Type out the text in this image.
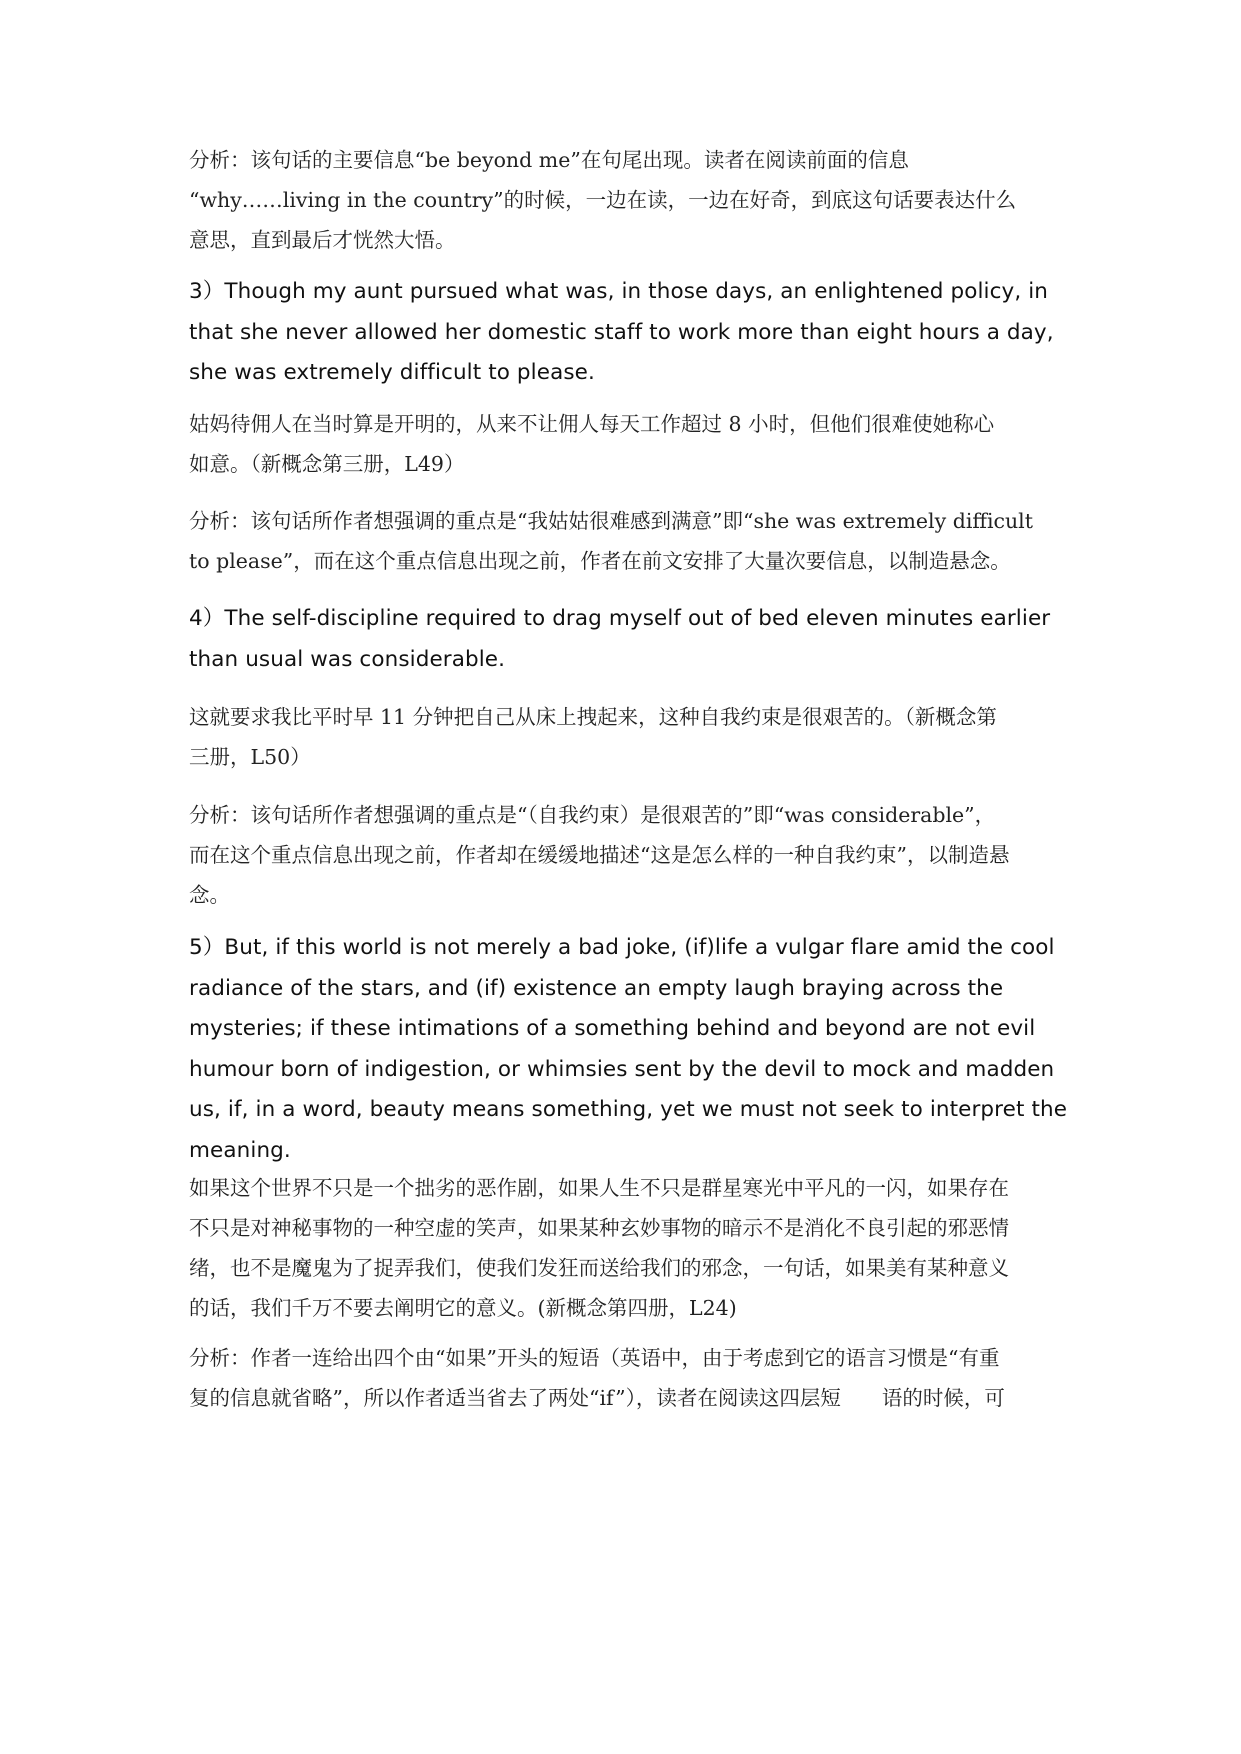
分析：该句话的主要信息“be beyond me”在句尾出现。读者在阅读前面的信息
“why……living in the country”的时候，一边在读，一边在好奇，到底这句话要表达什么
意思，直到最后才恍然大悟。
3）Though my aunt pursued what was, in those days, an enlightened policy, in
that she never allowed her domestic staff to work more than eight hours a day,
she was extremely difficult to please.
姑妈待佣人在当时算是开明的，从来不让佣人每天工作超过 8 小时，但他们很难使她称心
如意。（新概念第三册，L49）
分析：该句话所作者想强调的重点是“我姑姑很难感到满意”即“she was extremely difficult
to please”，而在这个重点信息出现之前，作者在前文安排了大量次要信息，以制造悬念。
4）The self-discipline required to drag myself out of bed eleven minutes earlier
than usual was considerable.
这就要求我比平时早 11 分钟把自己从床上拽起来，这种自我约束是很艰苦的。（新概念第
三册，L50）
分析：该句话所作者想强调的重点是“（自我约束）是很艰苦的”即“was considerable”，
而在这个重点信息出现之前，作者却在缓缓地描述“这是怎么样的一种自我约束”，以制造悬
念。
5）But, if this world is not merely a bad joke, (if)life a vulgar flare amid the cool
radiance of the stars, and (if) existence an empty laugh braying across the
mysteries; if these intimations of a something behind and beyond are not evil
humour born of indigestion, or whimsies sent by the devil to mock and madden
us, if, in a word, beauty means something, yet we must not seek to interpret the
meaning.
如果这个世界不只是一个拙劣的恶作剧，如果人生不只是群星寒光中平凡的一闪，如果存在
不只是对神秘事物的一种空虚的笑声，如果某种玄妙事物的暗示不是消化不良引起的邪恶情
绪，也不是魔鬼为了捉弄我们，使我们发狂而送给我们的邪念，一句话，如果美有某种意义
的话，我们千万不要去阐明它的意义。(新概念第四册，L24)
分析：作者一连给出四个由“如果”开头的短语（英语中，由于考虑到它的语言习惯是“有重
复的信息就省略”，所以作者适当省去了两处“if”），读者在阅读这四层短　　语的时候，可
